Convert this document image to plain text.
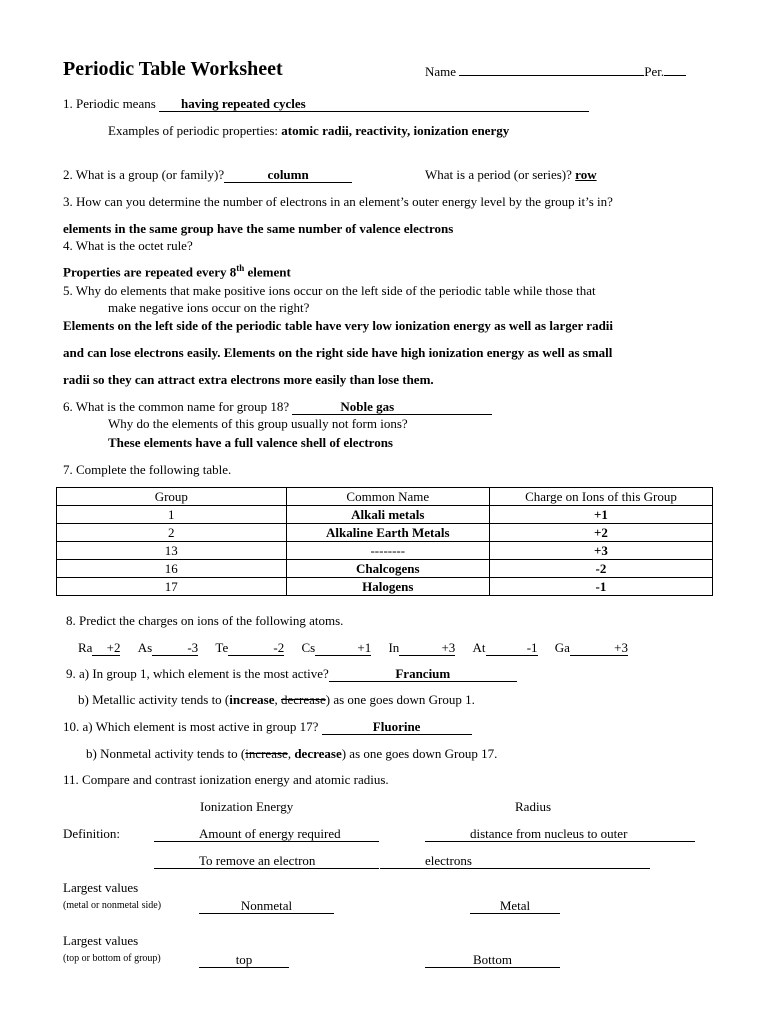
Periodic Table Worksheet	Name	Per.
1. Periodic means having repeated cycles
Examples of periodic properties: atomic radii, reactivity, ionization energy
2. What is a group (or family)?	column	What is a period (or series)? row
3. How can you determine the number of electrons in an element’s outer energy level by the group it’s in?
elements in the same group have the same number of valence electrons
4. What is the octet rule?
Properties are repeated every 8th element
5. Why do elements that make positive ions occur on the left side of the periodic table while those that
make negative ions occur on the right?
Elements on the left side of the periodic table have very low ionization energy as well as larger radii
and can lose electrons easily. Elements on the right side have high ionization energy as well as small
radii so they can attract extra electrons more easily than lose them.
6. What is the common name for group 18?	Noble gas
Why do the elements of this group usually not form ions?
These elements have a full valence shell of electrons
7. Complete the following table.
Group	Common Name	Charge on Ions of this Group
1	Alkali metals	+1
2	Alkaline Earth Metals	+2
13	--------	+3
16	Chalcogens	-2
17	Halogens	-1
8. Predict the charges on ions of the following atoms.
Ra +2 As	-3 Te	-2 Cs	+1 In	+3 At	-1 Ga	+3
9. a) In group 1, which element is the most active?	Francium
b) Metallic activity tends to (increase, decrease) as one goes down Group 1.
10. a) Which element is most active in group 17?	Fluorine
b) Nonmetal activity tends to (increase, decrease) as one goes down Group 17.
11. Compare and contrast ionization energy and atomic radius.
Ionization Energy	Radius
Definition:	Amount of energy required	distance from nucleus to outer
To remove an electron	electrons
Largest values
(metal or nonmetal side)	Nonmetal	Metal
Largest values
(top or bottom of group)	top	Bottom
